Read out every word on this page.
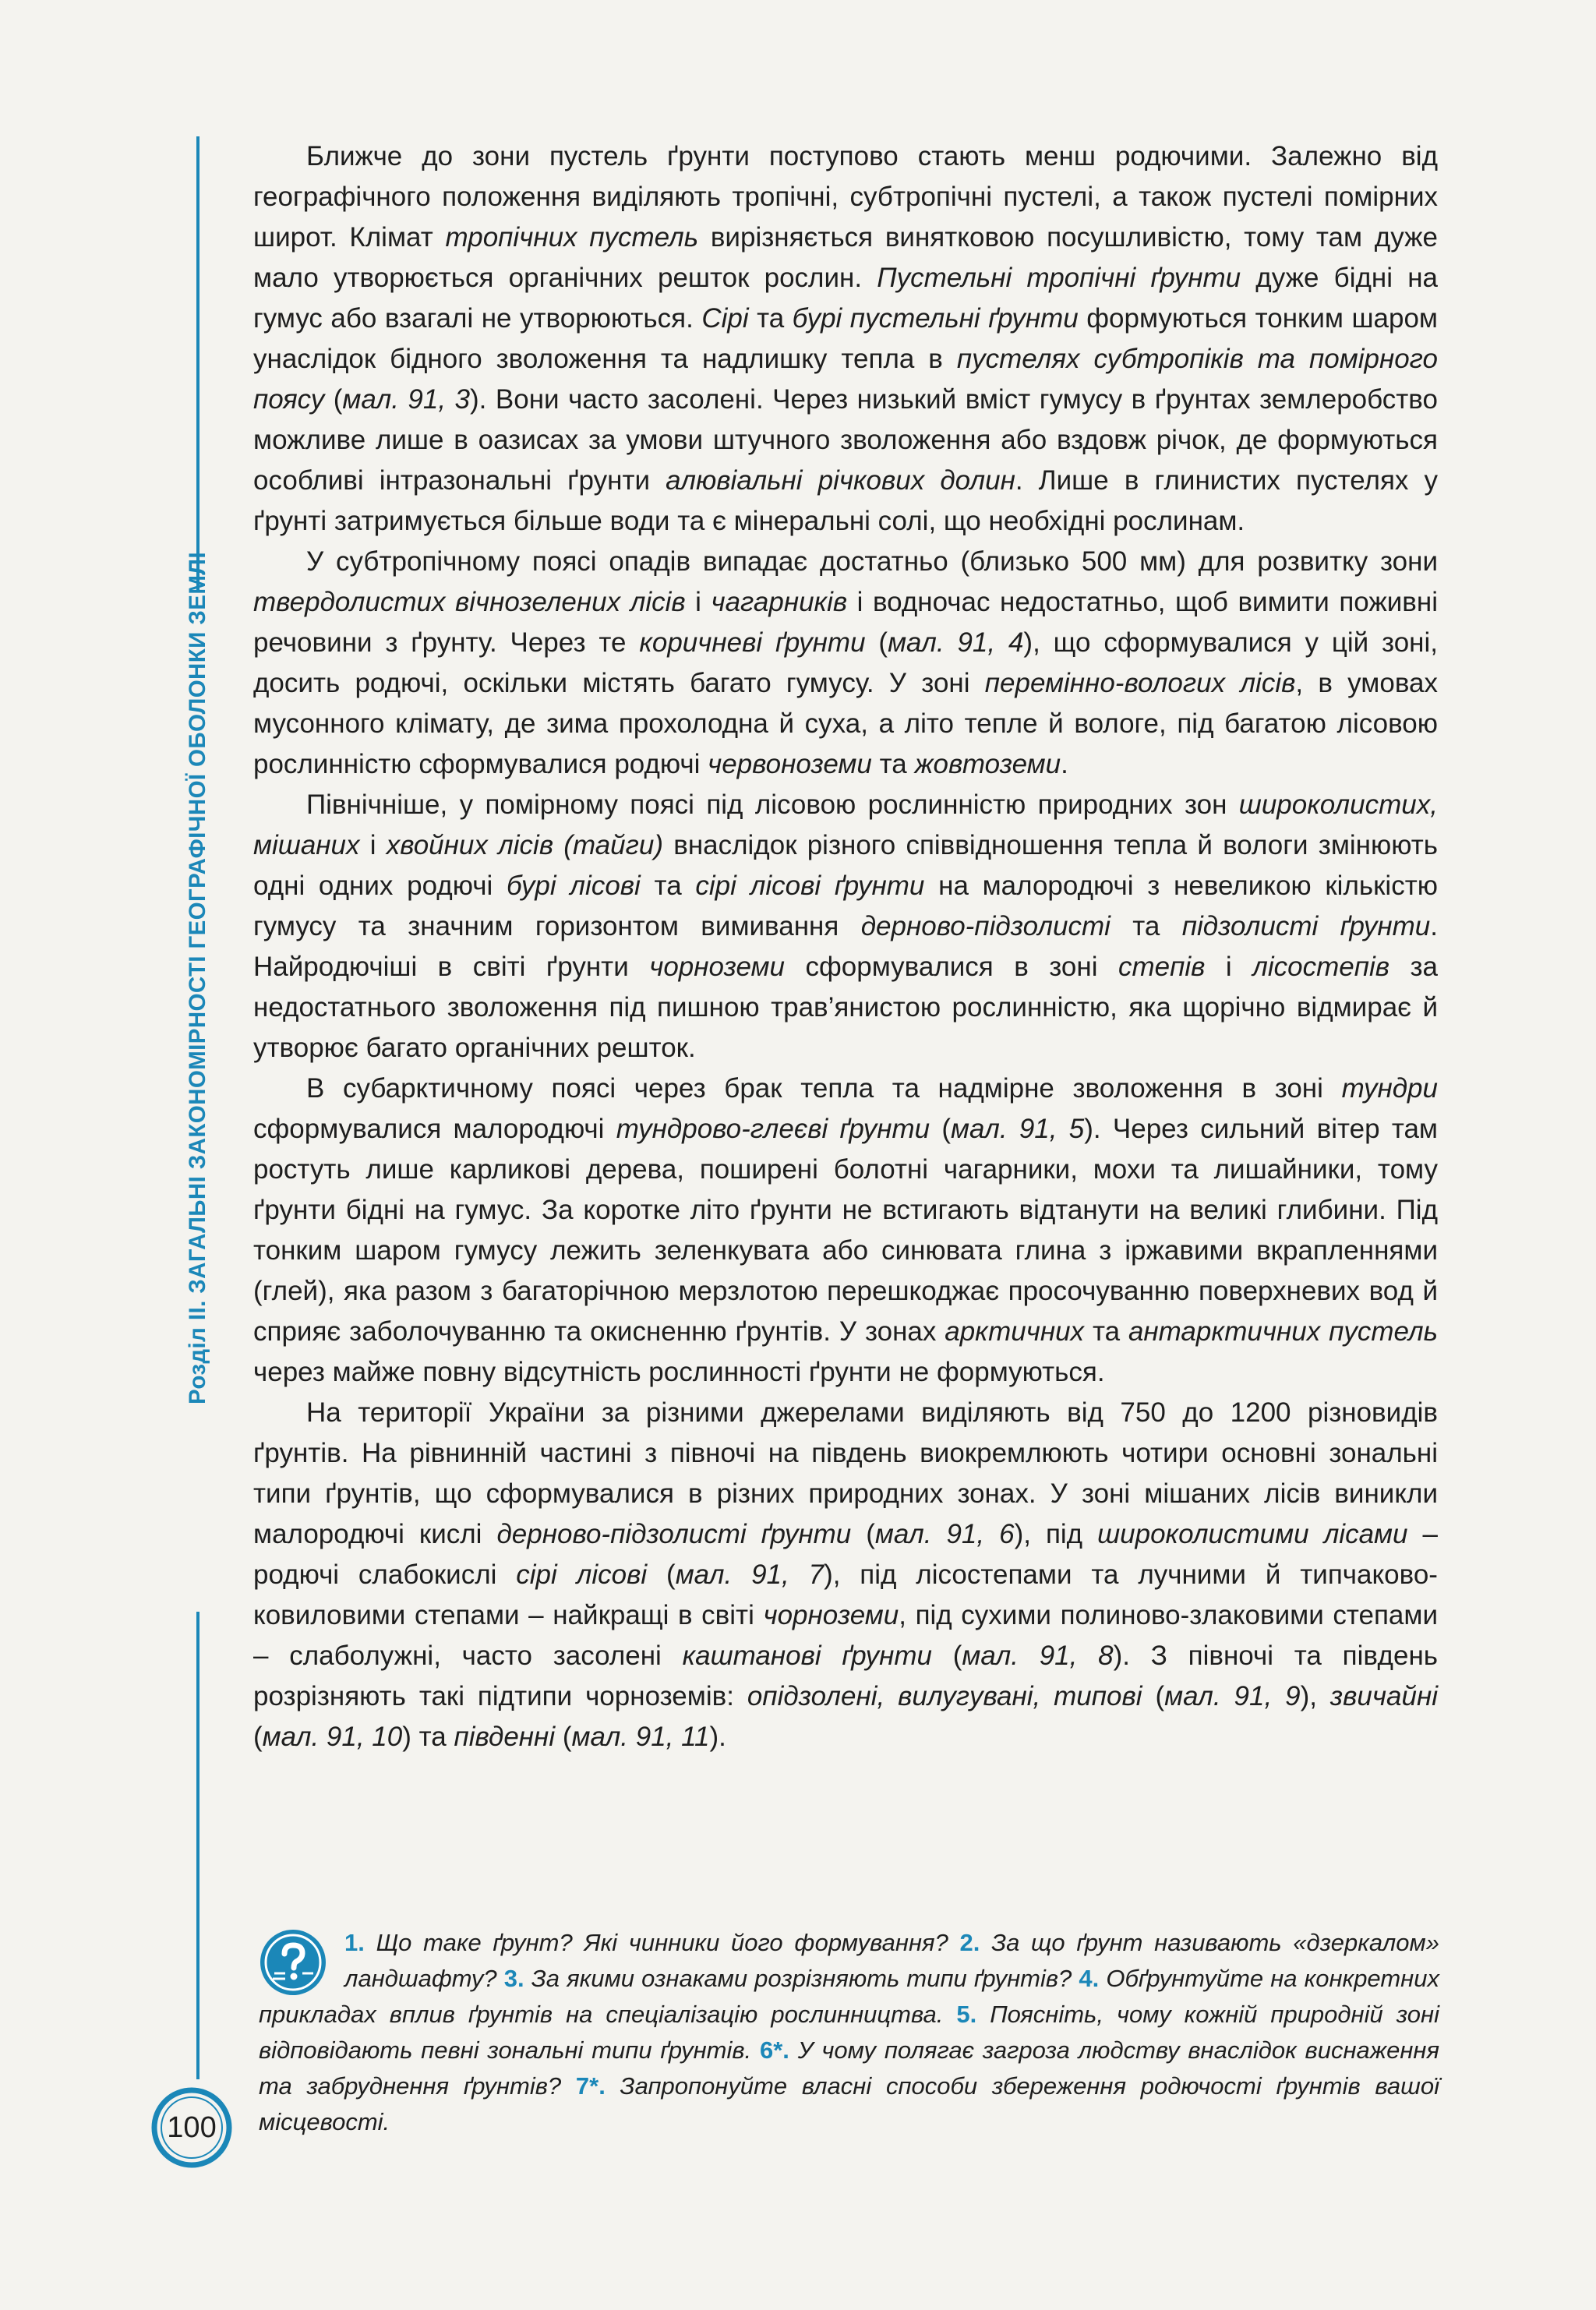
Розділ ІІ. ЗАГАЛЬНІ ЗАКОНОМІРНОСТІ ГЕОГРАФІЧНОЇ ОБОЛОНКИ ЗЕМЛІ

Ближче до зони пустель ґрунти поступово стають менш родючими. Залежно від географічного положення виділяють тропічні, субтропічні пустелі, а також пустелі помірних широт. Клімат тропічних пустель вирізняється винятковою посушливістю, тому там дуже мало утворюється органічних решток рослин. Пустельні тропічні ґрунти дуже бідні на гумус або взагалі не утворюються. Сірі та бурі пустельні ґрунти формуються тонким шаром унаслідок бідного зволоження та надлишку тепла в пустелях субтропіків та помірного поясу (мал. 91, 3). Вони часто засолені. Через низький вміст гумусу в ґрунтах землеробство можливе лише в оазисах за умови штучного зволоження або вздовж річок, де формуються особливі інтразональні ґрунти алювіальні річкових долин. Лише в глинистих пустелях у ґрунті затримується більше води та є мінеральні солі, що необхідні рослинам.

У субтропічному поясі опадів випадає достатньо (близько 500 мм) для розвитку зони твердолистих вічнозелених лісів і чагарників і водночас недостатньо, щоб вимити поживні речовини з ґрунту. Через те коричневі ґрунти (мал. 91, 4), що сформувалися у цій зоні, досить родючі, оскільки містять багато гумусу. У зоні перемінно-вологих лісів, в умовах мусонного клімату, де зима прохолодна й суха, а літо тепле й вологе, під багатою лісовою рослинністю сформувалися родючі червоноземи та жовтоземи.

Північніше, у помірному поясі під лісовою рослинністю природних зон широколистих, мішаних і хвойних лісів (тайги) внаслідок різного співвідношення тепла й вологи змінюють одні одних родючі бурі лісові та сірі лісові ґрунти на малородючі з невеликою кількістю гумусу та значним горизонтом вимивання дерново-підзолисті та підзолисті ґрунти. Найродючіші в світі ґрунти чорноземи сформувалися в зоні степів і лісостепів за недостатнього зволоження під пишною трав’янистою рослинністю, яка щорічно відмирає й утворює багато органічних решток.

В субарктичному поясі через брак тепла та надмірне зволоження в зоні тундри сформувалися малородючі тундрово-глеєві ґрунти (мал. 91, 5). Через сильний вітер там ростуть лише карликові дерева, поширені болотні чагарники, мохи та лишайники, тому ґрунти бідні на гумус. За коротке літо ґрунти не встигають відтанути на великі глибини. Під тонким шаром гумусу лежить зеленкувата або синювата глина з іржавими вкрапленнями (глей), яка разом з багаторічною мерзлотою перешкоджає просочуванню поверхневих вод й сприяє заболочуванню та окисненню ґрунтів. У зонах арктичних та антарктичних пустель через майже повну відсутність рослинності ґрунти не формуються.

На території України за різними джерелами виділяють від 750 до 1200 різновидів ґрунтів. На рівнинній частині з півночі на південь виокремлюють чотири основні зональні типи ґрунтів, що сформувалися в різних природних зонах. У зоні мішаних лісів виникли малородючі кислі дерново-підзолисті ґрунти (мал. 91, 6), під широколистими лісами – родючі слабокислі сірі лісові (мал. 91, 7), під лісостепами та лучними й типчаково-ковиловими степами – найкращі в світі чорноземи, під сухими полиново-злаковими степами – слаболужні, часто засолені каштанові ґрунти (мал. 91, 8). З півночі та південь розрізняють такі підтипи чорноземів: опідзолені, вилугувані, типові (мал. 91, 9), звичайні (мал. 91, 10) та південні (мал. 91, 11).

1. Що таке ґрунт? Які чинники його формування? 2. За що ґрунт називають «дзеркалом» ландшафту? 3. За якими ознаками розрізняють типи ґрунтів? 4. Обґрунтуйте на конкретних прикладах вплив ґрунтів на спеціалізацію рослинництва. 5. Поясніть, чому кожній природній зоні відповідають певні зональні типи ґрунтів. 6*. У чому полягає загроза людству внаслідок виснаження та забруднення ґрунтів? 7*. Запропонуйте власні способи збереження родючості ґрунтів вашої місцевості.
100
